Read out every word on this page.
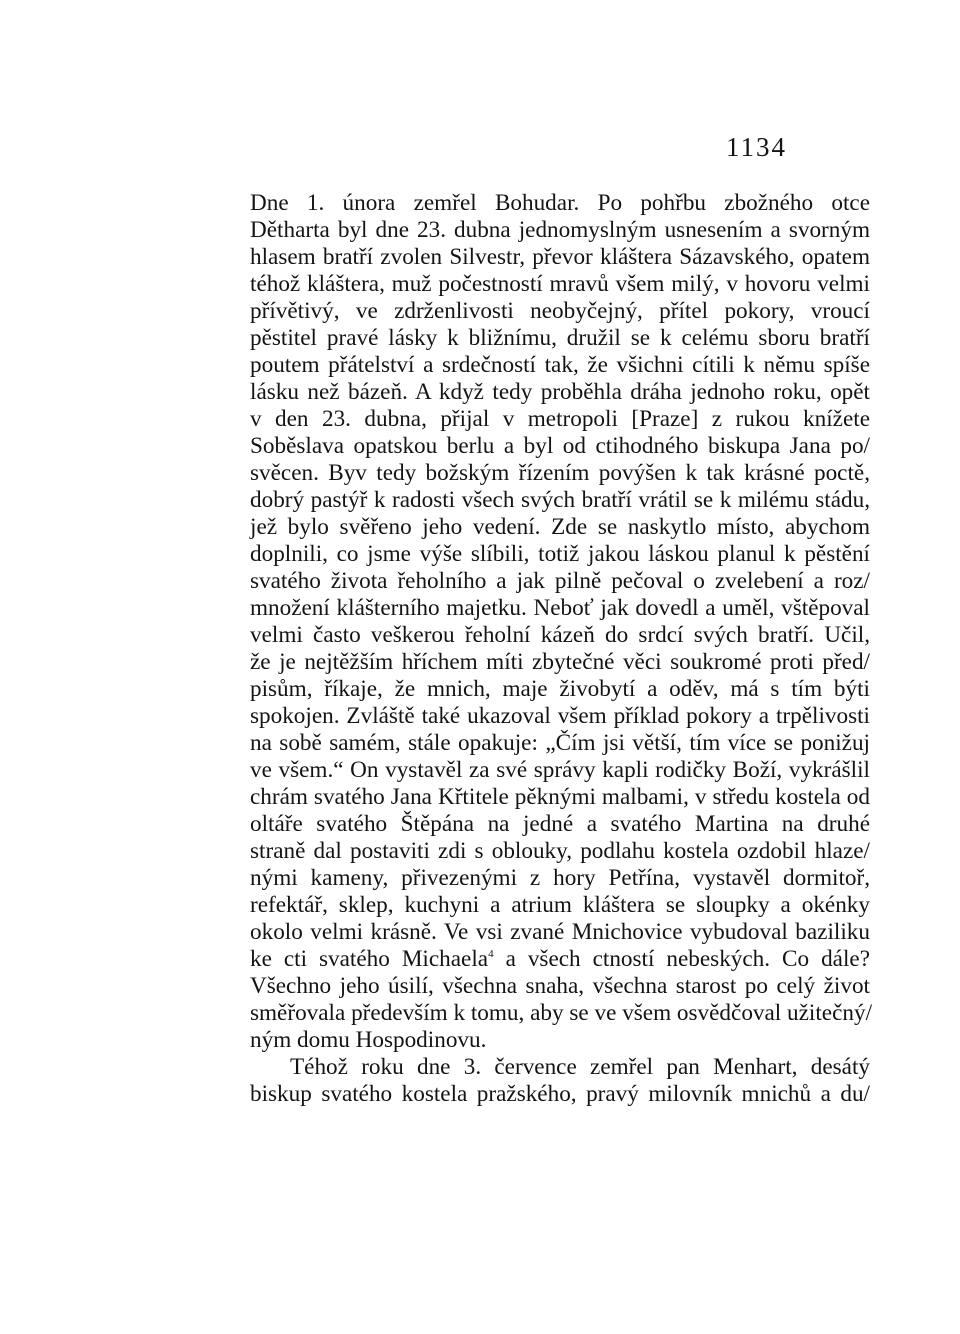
1134
Dne 1. února zemřel Bohudar. Po pohřbu zbožného otce
Dětharta byl dne 23. dubna jednomyslným usnesením a svorným
hlasem bratří zvolen Silvestr, převor kláštera Sázavského, opatem
téhož kláštera, muž počestností mravů všem milý, v hovoru velmi
přívětivý, ve zdrženlivosti neobyčejný, přítel pokory, vroucí
pěstitel pravé lásky k bližnímu, družil se k celému sboru bratří
poutem přátelství a srdečností tak, že všichni cítili k němu spíše
lásku než bázeň. A když tedy proběhla dráha jednoho roku, opět
v den 23. dubna, přijal v metropoli [Praze] z rukou knížete
Soběslava opatskou berlu a byl od ctihodného biskupa Jana po/
svěcen. Byv tedy božským řízením povýšen k tak krásné poctě,
dobrý pastýř k radosti všech svých bratří vrátil se k milému stádu,
jež bylo svěřeno jeho vedení. Zde se naskytlo místo, abychom
doplnili, co jsme výše slíbili, totiž jakou láskou planul k pěstění
svatého života řeholního a jak pilně pečoval o zvelebení a roz/
množení klášterního majetku. Neboť jak dovedl a uměl, vštěpoval
velmi často veškerou řeholní kázeň do srdcí svých bratří. Učil,
že je nejtěžším hříchem míti zbytečné věci soukromé proti před/
pisům, říkaje, že mnich, maje živobytí a oděv, má s tím býti
spokojen. Zvláště také ukazoval všem příklad pokory a trpělivosti
na sobě samém, stále opakuje: „Čím jsi větší, tím více se ponižuj
ve všem.“ On vystavěl za své správy kapli rodičky Boží, vykrášlil
chrám svatého Jana Křtitele pěknými malbami, v středu kostela od
oltáře svatého Štěpána na jedné a svatého Martina na druhé
straně dal postaviti zdi s oblouky, podlahu kostela ozdobil hlaze/
nými kameny, přivezenými z hory Petřína, vystavěl dormitoř,
refektář, sklep, kuchyni a atrium kláštera se sloupky a okénky
okolo velmi krásně. Ve vsi zvané Mnichovice vybudoval baziliku
ke cti svatého Michaela$^4$ a všech ctností nebeských. Co dále?
Všechno jeho úsilí, všechna snaha, všechna starost po celý život
směřovala především k tomu, aby se ve všem osvědčoval užitečný/
ným domu Hospodinovu.
Téhož roku dne 3. července zemřel pan Menhart, desátý
biskup svatého kostela pražského, pravý milovník mnichů a du/
